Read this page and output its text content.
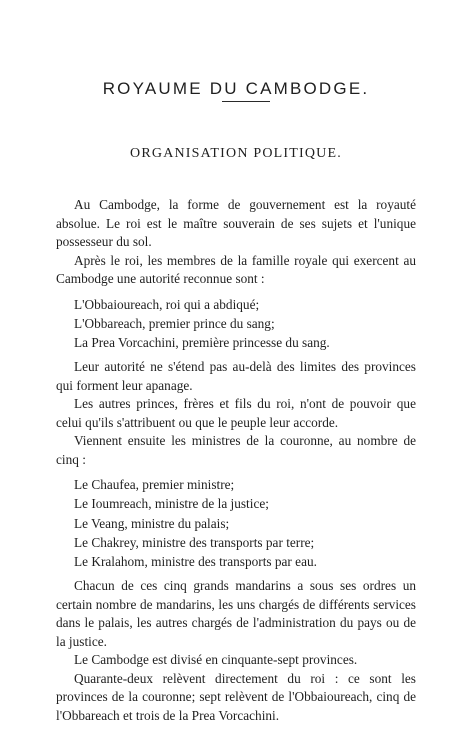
ROYAUME DU CAMBODGE.
ORGANISATION POLITIQUE.

Au Cambodge, la forme de gouvernement est la royauté absolue. Le roi est le maître souverain de ses sujets et l'unique possesseur du sol.

Après le roi, les membres de la famille royale qui exercent au Cambodge une autorité reconnue sont :

L'Obbaioureach, roi qui a abdiqué;
L'Obbareach, premier prince du sang;
La Prea Vorcachini, première princesse du sang.

Leur autorité ne s'étend pas au-delà des limites des provinces qui forment leur apanage.

Les autres princes, frères et fils du roi, n'ont de pouvoir que celui qu'ils s'attribuent ou que le peuple leur accorde.

Viennent ensuite les ministres de la couronne, au nombre de cinq :

Le Chaufea, premier ministre;
Le Ioumreach, ministre de la justice;
Le Veang, ministre du palais;
Le Chakrey, ministre des transports par terre;
Le Kralahom, ministre des transports par eau.

Chacun de ces cinq grands mandarins a sous ses ordres un certain nombre de mandarins, les uns chargés de différents services dans le palais, les autres chargés de l'administration du pays ou de la justice.

Le Cambodge est divisé en cinquante-sept provinces.

Quarante-deux relèvent directement du roi : ce sont les provinces de la couronne; sept relèvent de l'Obbaioureach, cinq de l'Obbareach et trois de la Prea Vorcachini.
